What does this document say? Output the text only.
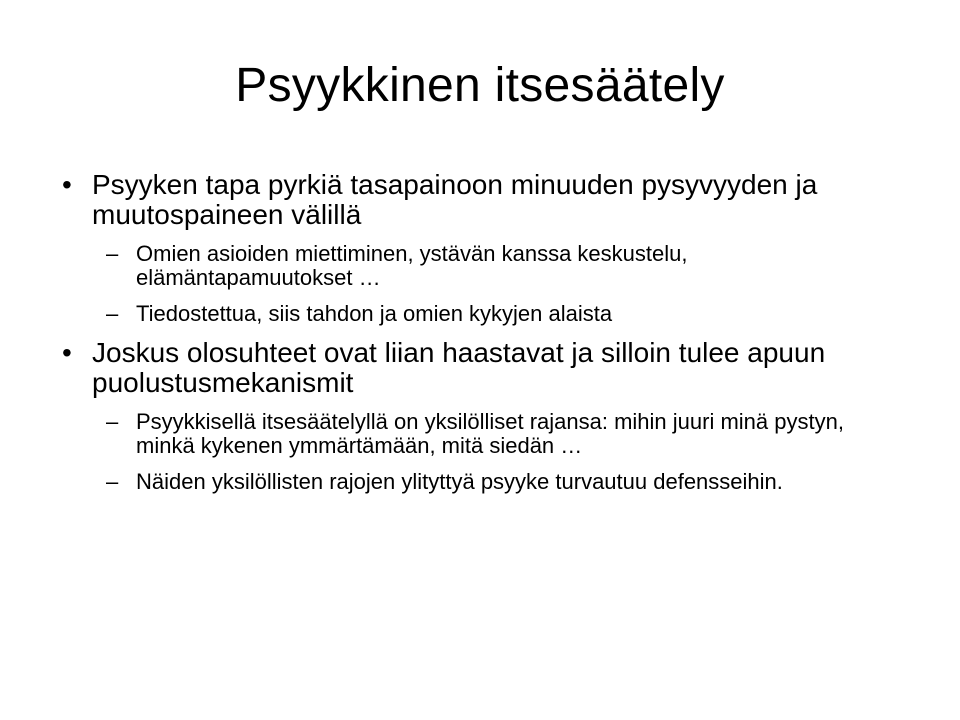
Psyykkinen itsesäätely
• Psyyken tapa pyrkiä tasapainoon minuuden pysyvyyden ja muutospaineen välillä
– Omien asioiden miettiminen, ystävän kanssa keskustelu, elämäntapamuutokset …
– Tiedostettua, siis tahdon ja omien kykyjen alaista
• Joskus olosuhteet ovat liian haastavat ja silloin tulee apuun puolustusmekanismit
– Psyykkisellä itsesäätelyllä on yksilölliset rajansa: mihin juuri minä pystyn, minkä kykenen ymmärtämään, mitä siedän …
– Näiden yksilöllisten rajojen ylityttyä psyyke turvautuu defensseihin.
